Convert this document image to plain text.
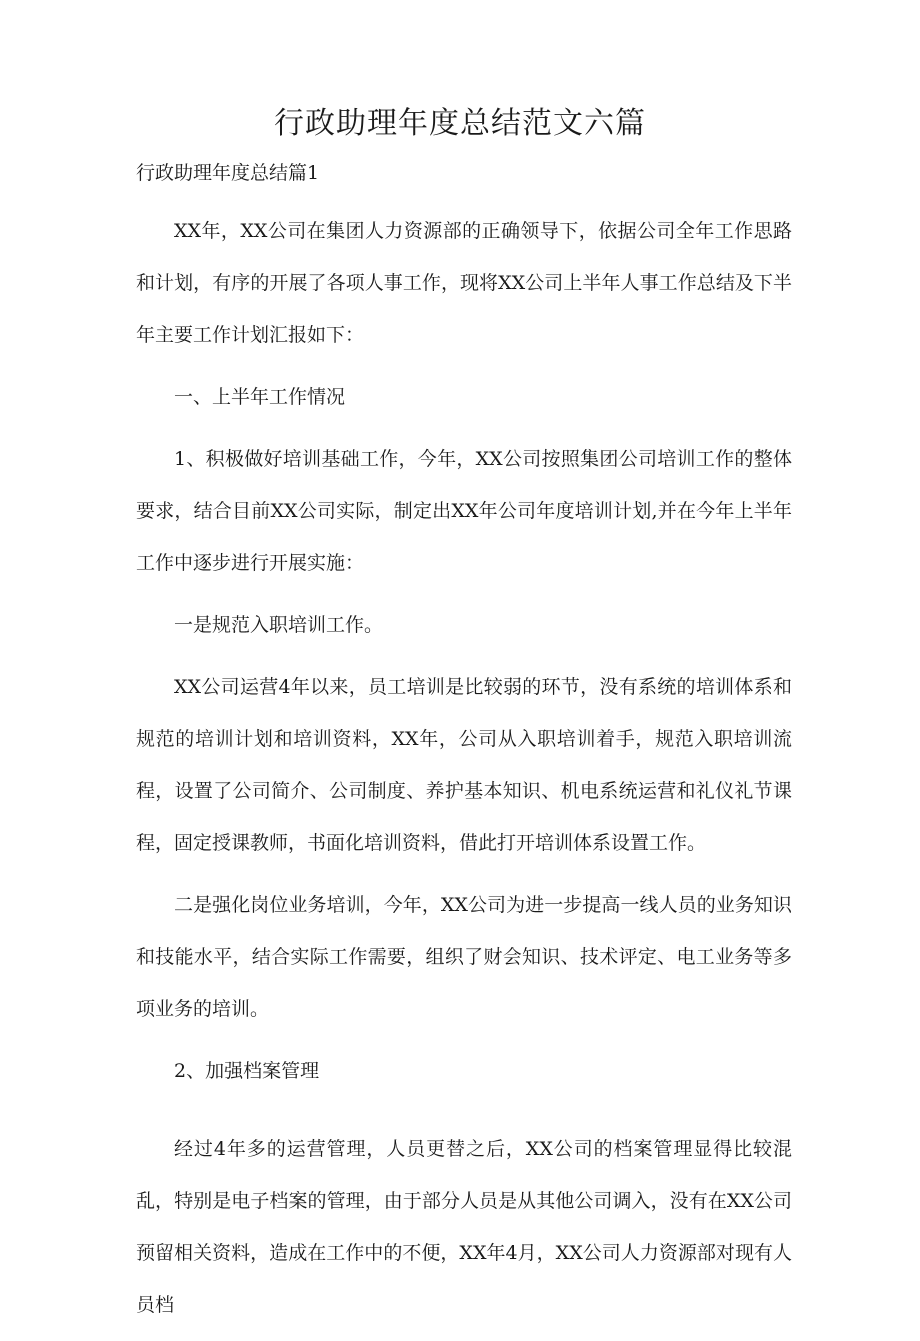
行政助理年度总结范文六篇
行政助理年度总结篇1

XX年，XX公司在集团人力资源部的正确领导下，依据公司全年工作思路和计划，有序的开展了各项人事工作，现将XX公司上半年人事工作总结及下半年主要工作计划汇报如下：

一、上半年工作情况

1、积极做好培训基础工作，今年，XX公司按照集团公司培训工作的整体要求，结合目前XX公司实际，制定出XX年公司年度培训计划,并在今年上半年工作中逐步进行开展实施：

一是规范入职培训工作。

XX公司运营4年以来，员工培训是比较弱的环节，没有系统的培训体系和规范的培训计划和培训资料，XX年，公司从入职培训着手，规范入职培训流程，设置了公司简介、公司制度、养护基本知识、机电系统运营和礼仪礼节课程，固定授课教师，书面化培训资料，借此打开培训体系设置工作。

二是强化岗位业务培训，今年，XX公司为进一步提高一线人员的业务知识和技能水平，结合实际工作需要，组织了财会知识、技术评定、电工业务等多项业务的培训。

2、加强档案管理

经过4年多的运营管理，人员更替之后，XX公司的档案管理显得比较混乱，特别是电子档案的管理，由于部分人员是从其他公司调入，没有在XX公司预留相关资料，造成在工作中的不便，XX年4月，XX公司人力资源部对现有人员档
